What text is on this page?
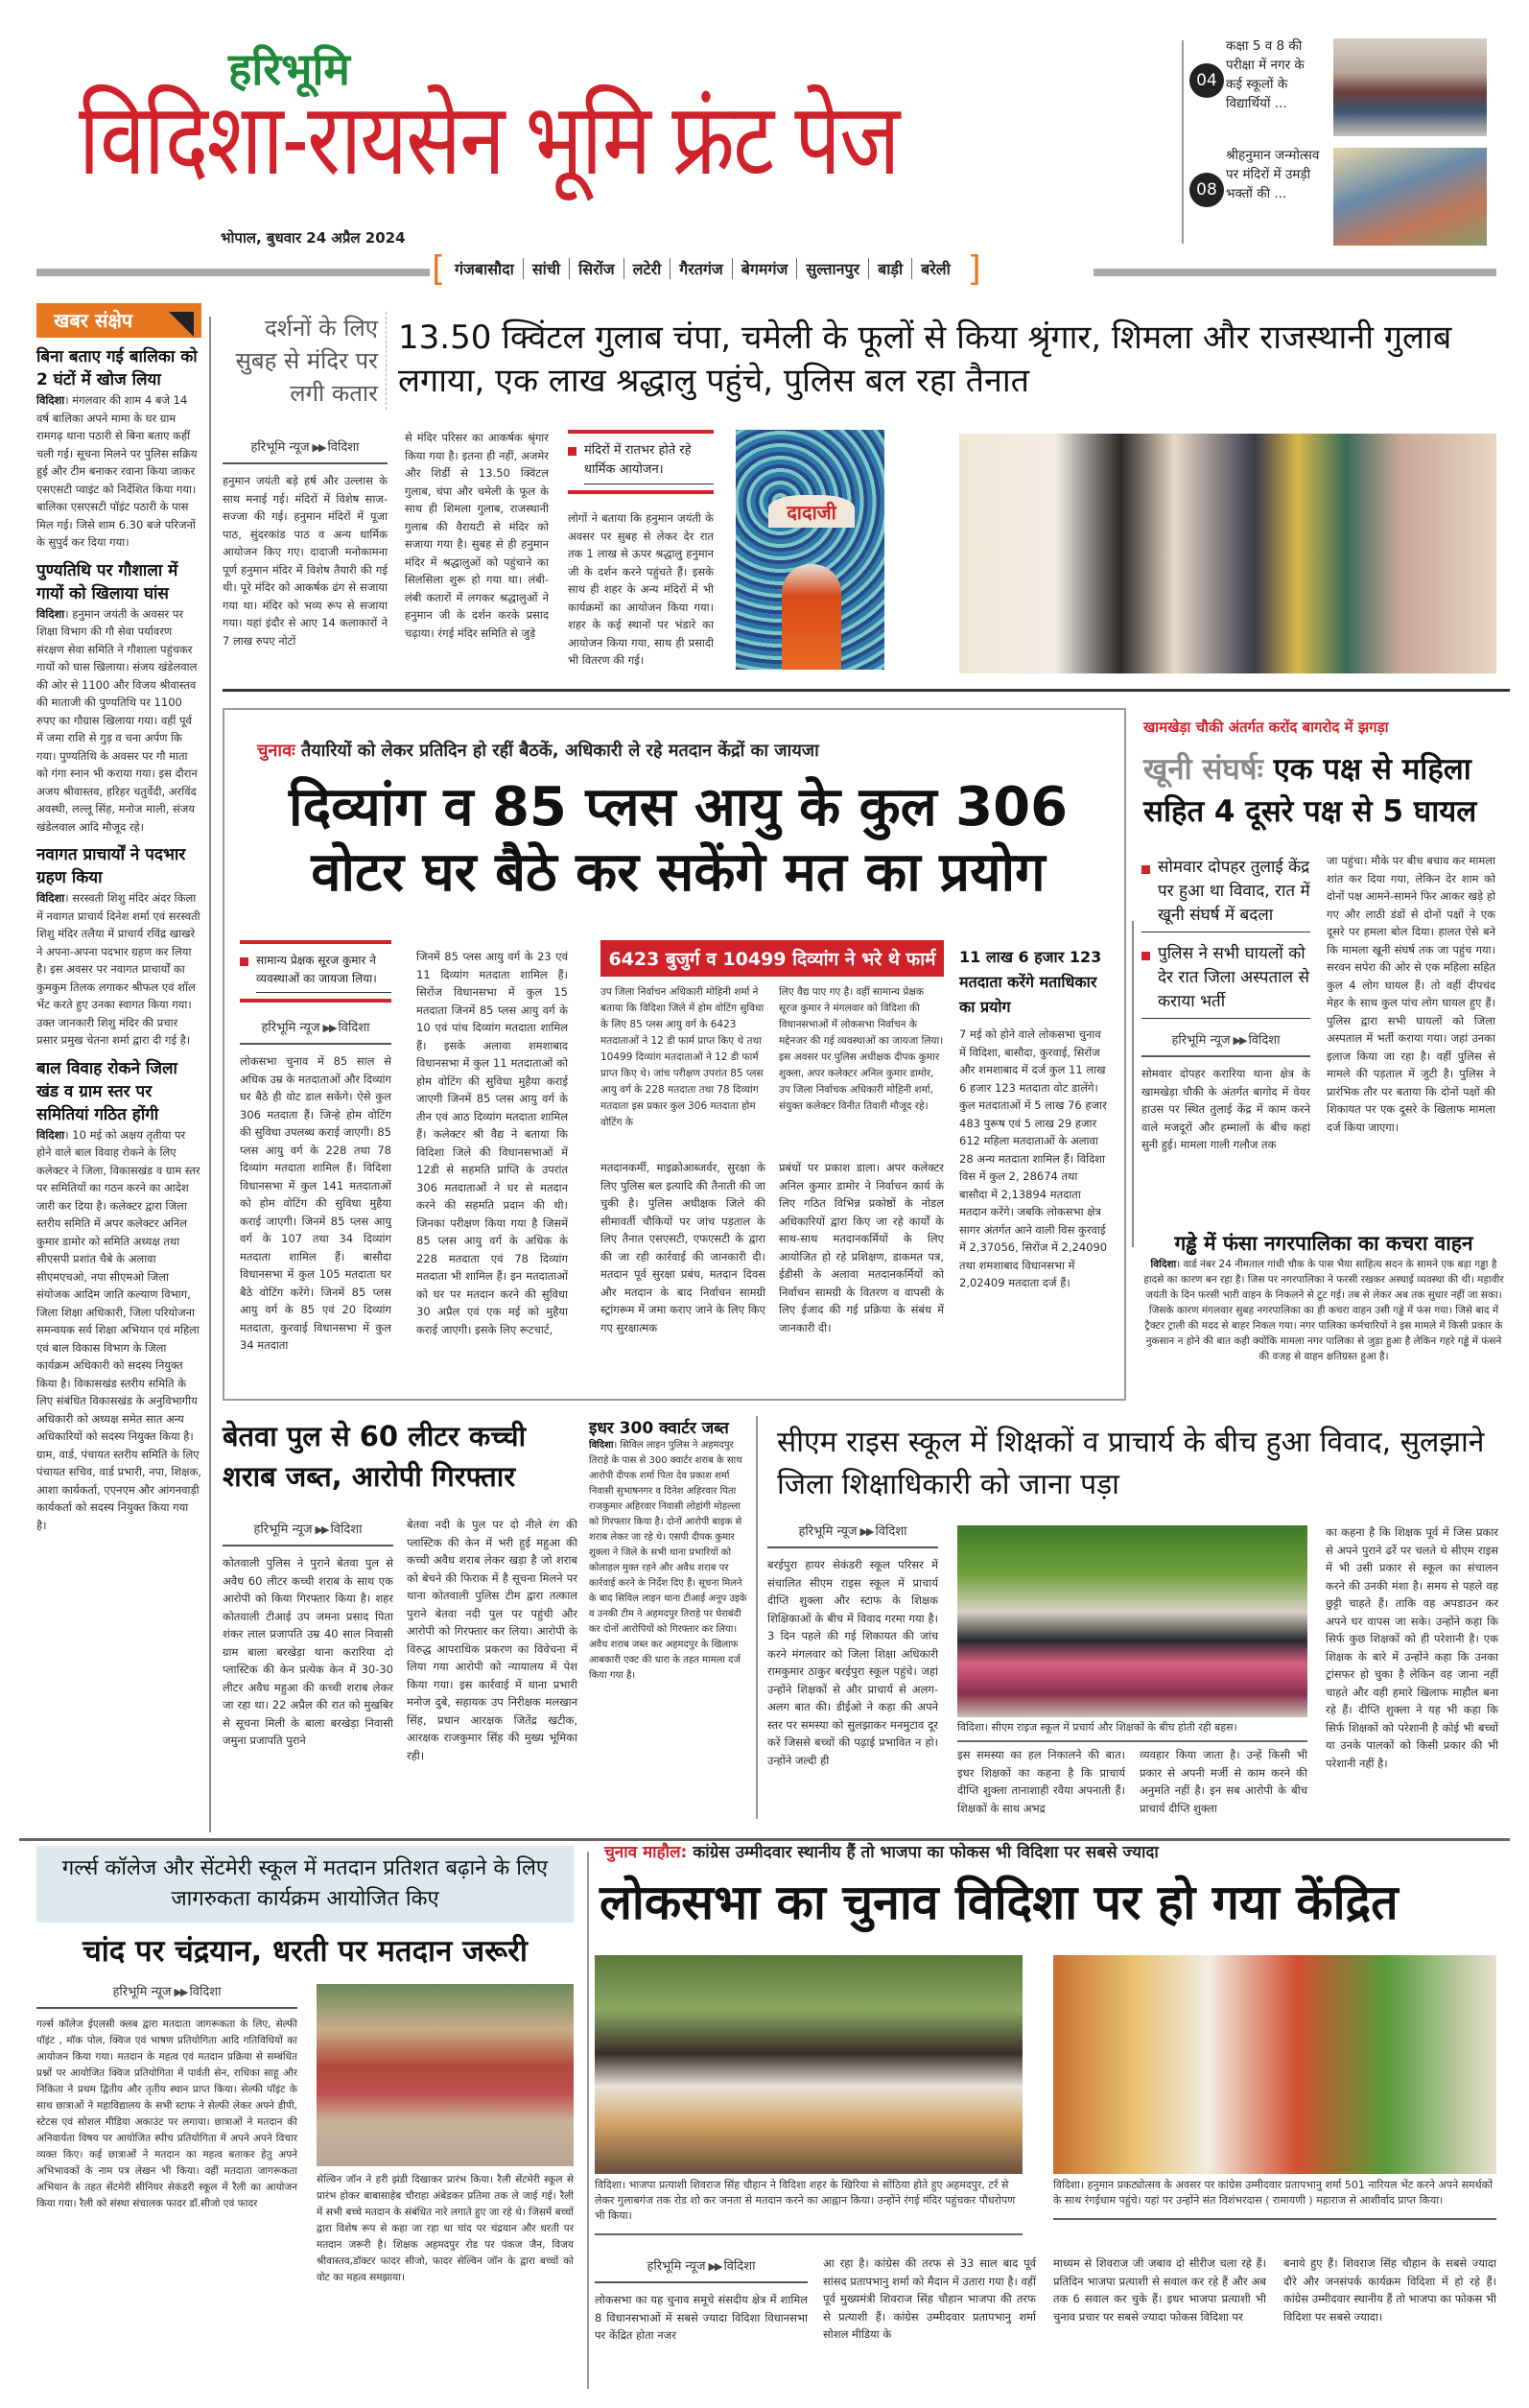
हरिभूमि
विदिशा-रायसेन भूमि फ्रंट पेज
भोपाल, बुधवार 24 अप्रैल 2024
[ गंजबासौदा सांची सिरोंज लटेरी गैरतगंज बेगमगंज सुल्तानपुर बाड़ी बरेली ]
04
कक्षा 5 व 8 की परीक्षा में नगर के कई स्कूलों के विद्यार्थियों ...
08
श्रीहनुमान जन्मोत्सव पर मंदिरों में उमड़ी भक्तों की ...
खबर संक्षेप
बिना बताए गई बालिका को 2 घंटों में खोज लिया
विदिशा। मंगलवार की शाम 4 बजे 14 वर्ष बालिका अपने मामा के घर ग्राम रामगढ़ थाना पठारी से बिना बताए कहीं चली गई। सूचना मिलने पर पुलिस सक्रिय हुई और टीम बनाकर रवाना किया जाकर एसएसटी प्वाइंट को निर्देशित किया गया। बालिका एसएसटी पॉइंट पठारी के पास मिल गई। जिसे शाम 6.30 बजे परिजनों के सुपुर्द कर दिया गया।
पुण्यतिथि पर गौशाला में गायों को खिलाया घांस
विदिशा। हनुमान जयंती के अवसर पर शिक्षा विभाग की गौ सेवा पर्यावरण संरक्षण सेवा समिति ने गौशाला पहुंचकर गायों को घास खिलाया। संजय खंडेलवाल की ओर से 1100 और विजय श्रीवास्तव की माताजी की पुण्यतिथि पर 1100 रुपए का गौग्रास खिलाया गया। वहीं पूर्व में जमा राशि से गुड़ व चना अर्पण कि गया। पुण्यतिथि के अवसर पर गौ माता को गंगा स्नान भी कराया गया। इस दौरान अजय श्रीवास्तव, हरिहर चतुर्वेदी, अरविंद अवस्थी, लल्लू सिंह, मनोज माली, संजय खंडेलवाल आदि मौजूद रहे।
नवागत प्राचार्यों ने पदभार ग्रहण किया
विदिशा। सरस्वती शिशु मंदिर अंदर किला में नवागत प्राचार्य दिनेश शर्मा एवं सरस्वती शिशु मंदिर तलैया में प्राचार्य रविंद्र खाखरे ने अपना-अपना पदभार ग्रहण कर लिया है। इस अवसर पर नवागत प्राचार्यों का कुमकुम तिलक लगाकर श्रीफल एवं शॉल भेंट करते हुए उनका स्वागत किया गया। उक्त जानकारी शिशु मंदिर की प्रचार प्रसार प्रमुख चेतना शर्मा द्वारा दी गई है।
बाल विवाह रोकने जिला खंड व ग्राम स्तर पर समितियां गठित होंगी
विदिशा। 10 मई को अक्षय तृतीया पर होने वाले बाल विवाह रोकने के लिए कलेक्टर ने जिला, विकासखंड व ग्राम स्तर पर समितियों का गठन करने का आदेश जारी कर दिया है। कलेक्टर द्वारा जिला स्तरीय समिति में अपर कलेक्टर अनिल कुमार डामोर को समिति अध्यक्ष तथा सीएसपी प्रशांत चैबे के अलावा सीएमएचओ, नपा सीएमओ जिला संयोजक आदिम जाति कल्याण विभाग, जिला शिक्षा अधिकारी, जिला परियोजना समन्वयक सर्व शिक्षा अभियान एवं महिला एवं बाल विकास विभाग के जिला कार्यक्रम अधिकारी को सदस्य नियुक्त किया है। विकासखंड स्तरीय समिति के लिए संबंधित विकासखंड के अनुविभागीय अधिकारी को अध्यक्ष समेत सात अन्य अधिकारियों को सदस्य नियुक्त किया है। ग्राम, वार्ड, पंचायत स्तरीय समिति के लिए पंचायत सचिव, वार्ड प्रभारी, नपा, शिक्षक, आशा कार्यकर्ता, एएनएम और आंगनवाड़ी कार्यकर्ता को सदस्य नियुक्त किया गया है।
दर्शनों के लिए सुबह से मंदिर पर लगी कतार
13.50 क्विंटल गुलाब चंपा, चमेली के फूलों से किया श्रृंगार, शिमला और राजस्थानी गुलाब लगाया, एक लाख श्रद्धालु पहुंचे, पुलिस बल रहा तैनात
हरिभूमि न्यूज ▶▶ विदिशा
हनुमान जयंती बड़े हर्ष और उल्लास के साथ मनाई गई। मंदिरों में विशेष साज-सज्जा की गई। हनुमान मंदिरों में पूजा पाठ, सुंदरकांड पाठ व अन्य धार्मिक आयोजन किए गए। दादाजी मनोकामना पूर्ण हनुमान मंदिर में विशेष तैयारी की गई थी। पूरे मंदिर को आकर्षक ढंग से सजाया गया था। मंदिर को भव्य रूप से सजाया गया। यहां इंदौर से आए 14 कलाकारों ने 7 लाख रुपए नोटों
से मंदिर परिसर का आकर्षक श्रृंगार किया गया है। इतना ही नहीं, अजमेर और शिर्डी से 13.50 क्विंटल गुलाब, चंपा और चमेली के फूल के साथ ही शिमला गुलाब, राजस्थानी गुलाब की वैरायटी से मंदिर को सजाया गया है। सुबह से ही हनुमान मंदिर में श्रद्धालुओं को पहुंचाने का सिलसिला शुरू हो गया था। लंबी-लंबी कतारों में लगकर श्रद्धालुओं ने हनुमान जी के दर्शन करके प्रसाद चढ़ाया। रंगई मंदिर समिति से जुड़े
मंदिरों में रातभर होते रहे धार्मिक आयोजन।
लोगों ने बताया कि हनुमान जयंती के अवसर पर सुबह से लेकर देर रात तक 1 लाख से ऊपर श्रद्धालु हनुमान जी के दर्शन करने पहुंचते हैं। इसके साथ ही शहर के अन्य मंदिरों में भी कार्यक्रमों का आयोजन किया गया। शहर के कई स्थानों पर भंडारे का आयोजन किया गया, साथ ही प्रसादी भी वितरण की गई।
दादाजी
चुनावः तैयारियों को लेकर प्रतिदिन हो रहीं बैठकें, अधिकारी ले रहे मतदान केंद्रों का जायजा
दिव्यांग व 85 प्लस आयु के कुल 306 वोटर घर बैठे कर सकेंगे मत का प्रयोग
सामान्य प्रेक्षक सूरज कुमार ने व्यवस्थाओं का जायजा लिया।
हरिभूमि न्यूज ▶▶ विदिशा
लोकसभा चुनाव में 85 साल से अधिक उम्र के मतदाताओं और दिव्यांग घर बैठे ही वोट डाल सकेंगे। ऐसे कुल 306 मतदाता हैं। जिन्हे होम वोटिंग की सुविधा उपलब्ध कराई जाएगी। 85 प्लस आयु वर्ग के 228 तथा 78 दिव्यांग मतदाता शामिल हैं। विदिशा विधानसभा में कुल 141 मतदाताओं को होम वोटिंग की सुविधा मुहैया कराई जाएगी। जिनमें 85 प्लस आयु वर्ग के 107 तथा 34 दिव्यांग मतदाता शामिल हैं। बासौदा विधानसभा में कुल 105 मतदाता घर बैठे वोटिंग करेंगे। जिनमें 85 प्लस आयु वर्ग के 85 एवं 20 दिव्यांग मतदाता, कुरवाई विधानसभा में कुल 34 मतदाता
जिनमें 85 प्लस आयु वर्ग के 23 एवं 11 दिव्यांग मतदाता शामिल हैं। सिरोंज विधानसभा में कुल 15 मतदाता जिनमें 85 प्लस आयु वर्ग के 10 एवं पांच दिव्यांग मतदाता शामिल हैं। इसके अलावा शमशाबाद विधानसभा में कुल 11 मतदाताओं को होम वोटिंग की सुविधा मुहैया कराई जाएगी जिनमें 85 प्लस आयु वर्ग के तीन एवं आठ दिव्यांग मतदाता शामिल हैं। कलेक्टर श्री वैद्य ने बताया कि विदिशा जिले की विधानसभाओं में 12डी से सहमति प्राप्ति के उपरांत 306 मतदाताओं ने घर से मतदान करने की सहमति प्रदान की थी। जिनका परीक्षण किया गया है जिसमें 85 प्लस आयु वर्ग के अधिक के 228 मतदाता एवं 78 दिव्यांग मतदाता भी शामिल हैं। इन मतदाताओं को घर पर मतदान करने की सुविधा 30 अप्रैल एवं एक मई को मुहैया कराई जाएगी। इसके लिए रूटचार्ट,
6423 बुजुर्ग व 10499 दिव्यांग ने भरे थे फार्म
उप जिला निर्वाचन अधिकारी मोहिनी शर्मा ने बताया कि विदिशा जिले में होम वोटिंग सुविधा के लिए 85 प्लस आयु वर्ग के 6423 मतदाताओं ने 12 डी फार्म प्राप्त किए थे तथा 10499 दिव्यांग मतदाताओं ने 12 डी फार्म प्राप्त किए थे। जांच परीक्षण उपरांत 85 प्लस आयु वर्ग के 228 मतदाता तथा 78 दिव्यांग मतदाता इस प्रकार कुल 306 मतदाता होम वोटिंग के
लिए वैद्य पाए गए है। वहीं सामान्य प्रेक्षक सूरज कुमार ने मंगलवार को विदिशा की विधानसभाओं में लोकसभा निर्वाचन के मद्देनजर की गई व्यवस्थाओं का जायजा लिया। इस अवसर पर पुलिस अधीक्षक दीपक कुमार शुक्ला, अपर कलेक्टर अनिल कुमार डामोर, उप जिला निर्वाचक अधिकारी मोहिनी शर्मा, संयुक्त कलेक्टर विनीत तिवारी मौजूद रहे।
मतदानकर्मी, माइक्रोआब्जर्वर, सुरक्षा के लिए पुलिस बल इत्यादि की तैनाती की जा चुकी है। पुलिस अधीक्षक जिले की सीमावर्ती चौकियों पर जांच पड़ताल के लिए तैनात एसएसटी, एफएसटी के द्वारा की जा रही कार्रवाई की जानकारी दी। मतदान पूर्व सुरक्षा प्रबंध, मतदान दिवस और मतदान के बाद निर्वाचन सामग्री स्ट्रांगरूम में जमा कराए जाने के लिए किए गए सुरक्षात्मक
प्रबंधों पर प्रकाश डाला। अपर कलेक्टर अनिल कुमार डामोर ने निर्वाचन कार्य के लिए गठित विभिन्न प्रकोष्ठों के नोडल अधिकारियों द्वारा किए जा रहे कार्यों के साथ-साथ मतदानकर्मियों के लिए आयोजित हो रहे प्रशिक्षण, डाकमत पत्र, ईडीसी के अलावा मतदानकर्मियों को निर्वाचन सामग्री के वितरण व वापसी के लिए ईजाद की गई प्रक्रिया के संबंध में जानकारी दी।
11 लाख 6 हजार 123 मतदाता करेंगे मताधिकार का प्रयोग
7 मई को होने वाले लोकसभा चुनाव में विदिशा, बासौदा, कुरवाई, सिरोंज और शमशाबाद में दर्ज कुल 11 लाख 6 हजार 123 मतदाता वोट डालेंगे। कुल मतदाताओं में 5 लाख 76 हजार 483 पुरूष एवं 5 लाख 29 हजार 612 महिला मतदाताओं के अलावा 28 अन्य मतदाता शामिल हैं। विदिशा विस में कुल 2, 28674 तथा बासौदा में 2,13894 मतदाता मतदान करेंगे। जबकि लोकसभा क्षेत्र सागर अंतर्गत आने वाली विस कुरवाई में 2,37056, सिरोंज में 2,24090 तथा शमशाबाद विधानसभा में 2,02409 मतदाता दर्ज हैं।
खामखेड़ा चौकी अंतर्गत करोंद बागरोद में झगड़ा
खूनी संघर्षः एक पक्ष से महिला सहित 4 दूसरे पक्ष से 5 घायल
सोमवार दोपहर तुलाई केंद्र पर हुआ था विवाद, रात में खूनी संघर्ष में बदला
पुलिस ने सभी घायलों को देर रात जिला अस्पताल से कराया भर्ती
हरिभूमि न्यूज ▶▶ विदिशा
सोमवार दोपहर करारिया थाना क्षेत्र के खामखेड़ा चौकी के अंतर्गत बागोद में वेयर हाउस पर स्थित तुलाई केंद्र में काम करने वाले मजदूरों और हम्मालों के बीच कहां सुनी हुई। मामला गाली गलौज तक
जा पहुंचा। मौके पर बीच बचाव कर मामला शांत कर दिया गया, लेकिन देर शाम को दोनों पक्ष आमने-सामने फिर आकर खड़े हो गए और लाठी डंडों से दोनों पक्षों ने एक दूसरे पर हमला बोल दिया। हालत ऐसे बने कि मामला खूनी संघर्ष तक जा पहुंच गया। सरवन सपेरा की ओर से एक महिला सहित कुल 4 लोग घायल हैं। तो वहीं दीपचंद मेहर के साथ कुल पांच लोग घायल हुए हैं। पुलिस द्वारा सभी घायलों को जिला अस्पताल में भर्ती कराया गया। जहां उनका इलाज किया जा रहा है। वहीं पुलिस से मामले की पड़ताल में जुटी है। पुलिस ने प्रारंभिक तौर पर बताया कि दोनों पक्षों की शिकायत पर एक दूसरे के खिलाफ मामला दर्ज किया जाएगा।
गड्ढे में फंसा नगरपालिका का कचरा वाहन
विदिशा। वार्ड नंबर 24 नीमताल गांधी चौक के पास भैया साहित्य सदन के सामने एक बड़ा गड्ढा है हादसे का कारण बन रहा है। जिस पर नगरपालिका ने फरसी रखकर अस्थाई व्यवस्था की थी। महावीर जयंती के दिन फरसी भारी वाहन के निकलने से टूट गई। तब से लेकर अब तक सुधार नहीं जा सका। जिसके कारण मंगलवार सुबह नगरपालिका का ही कचरा वाहन उसी गड्ढे में फंस गया। जिसे बाद में ट्रैक्टर ट्राली की मदद से बाहर निकल गया। नगर पालिका कर्मचारियों ने इस मामले में किसी प्रकार के नुकसान न होने की बात कही क्योंकि मामला नगर पालिका से जुड़ा हुआ है लेकिन गहरे गड्ढे में फंसने की वजह से वाहन क्षतिग्रस्त हुआ है।
बेतवा पुल से 60 लीटर कच्ची शराब जब्त, आरोपी गिरफ्तार
हरिभूमि न्यूज ▶▶ विदिशा
कोतवाली पुलिस ने पुराने बेतवा पुल से अवैध 60 लीटर कच्ची शराब के साथ एक आरोपी को किया गिरफ्तार किया है। शहर कोतवाली टीआई उप जमना प्रसाद पिता शंकर लाल प्रजापति उम्र 40 साल निवासी ग्राम बाला बरखेड़ा थाना करारिया दो प्लास्टिक की केन प्रत्येक केन में 30-30 लीटर अवैध महुआ की कच्ची शराब लेकर जा रहा था। 22 अप्रैल की रात को मुखबिर से सूचना मिली के बाला बरखेड़ा निवासी जमुना प्रजापति पुराने
बेतवा नदी के पुल पर दो नीले रंग की प्लास्टिक की केन में भरी हुई महुआ की कच्ची अवैध शराब लेकर खड़ा है जो शराब को बेचने की फिराक में है सूचना मिलने पर थाना कोतवाली पुलिस टीम द्वारा तत्काल पुराने बेतवा नदी पुल पर पहुंची और आरोपी को गिरफ्तार कर लिया। आरोपी के विरुद्ध आपराधिक प्रकरण का विवेचना में लिया गया आरोपी को न्यायालय में पेश किया गया। इस कार्रवाई में थाना प्रभारी मनोज दुबे, सहायक उप निरीक्षक मलखान सिंह, प्रधान आरक्षक जितेंद्र खटीक, आरक्षक राजकुमार सिंह की मुख्य भूमिका रही।
इधर 300 क्वार्टर जब्त
विदिशा। सिविल लाइन पुलिस ने अहमदपुर तिराहे के पास से 300 क्वार्टर शराब के साथ आरोपी दीपक शर्मा पिता देव प्रकाश शर्मा निवासी सुभाषनगर व दिनेश अहिरवार पिता राजकुमार अहिरवार निवासी लोहांगी मोहल्ला को गिरफ्तार किया है। दोनों आरोपी बाइक से शराब लेकर जा रहे थे। एसपी दीपक कुमार शुक्ला ने जिले के सभी थाना प्रभारियों को कोलाहल मुक्त रहने और अवैध शराब पर कार्रवाई करने के निर्देश दिए हैं। सूचना मिलने के बाद सिविल लाइन थाना टीआई अनूप उइके व उनकी टीम ने अहमदपुर तिराहे पर घेराबंदी कर दोनों आरोपियों को गिरफ्तार कर लिया। अवैध शराब जब्त कर अहमदपुर के खिलाफ आबकारी एक्ट की धारा के तहत मामला दर्ज किया गया है।
सीएम राइस स्कूल में शिक्षकों व प्राचार्य के बीच हुआ विवाद, सुलझाने जिला शिक्षाधिकारी को जाना पड़ा
हरिभूमि न्यूज ▶▶ विदिशा
बरईपुरा हायर सेकंडरी स्कूल परिसर में संचालित सीएम राइस स्कूल में प्राचार्य दीप्ति शुक्ला और स्टाफ के शिक्षक शिक्षिकाओं के बीच में विवाद गरमा गया है। 3 दिन पहले की गई शिकायत की जांच करने मंगलवार को जिला शिक्षा अधिकारी रामकुमार ठाकुर बरईपुरा स्कूल पहुंचे। जहां उन्होंने शिक्षकों से और प्राचार्य से अलग-अलग बात की। डीईओ ने कहा की अपने स्तर पर समस्या को सुलझाकर मनमुटाव दूर करें जिससे बच्चों की पढ़ाई प्रभावित न हो। उन्होंने जल्दी ही
विदिशा। सीएम राइज स्कूल में प्रचार्य और शिक्षकों के बीच होती रही बहस।
इस समस्या का हल निकालने की बात। इधर शिक्षकों का कहना है कि प्राचार्य दीप्ति शुक्ला तानाशाही रवैया अपनाती हैं। शिक्षकों के साथ अभद्र
व्यवहार किया जाता है। उन्हें किसी भी प्रकार से अपनी मर्जी से काम करने की अनुमति नहीं है। इन सब आरोपी के बीच प्राचार्य दीप्ति शुक्ला
का कहना है कि शिक्षक पूर्व में जिस प्रकार से अपने पुराने ढर्रे पर चलते थे सीएम राइस में भी उसी प्रकार से स्कूल का संचालन करने की उनकी मंशा है। समय से पहले वह छुट्टी चाहते हैं। ताकि वह अपडाउन कर अपने घर वापस जा सके। उन्होंने कहा कि सिर्फ कुछ शिक्षकों को ही परेशानी है। एक शिक्षक के बारे में उन्होंने कहा कि उनका ट्रांसफर हो चुका है लेकिन वह जाना नहीं चाहते और वही हमारे खिलाफ माहौल बना रहे हैं। दीप्ति शुक्ला ने यह भी कहा कि सिर्फ शिक्षकों को परेशानी है कोई भी बच्चों या उनके पालकों को किसी प्रकार की भी परेशानी नहीं है।
गर्ल्स कॉलेज और सेंटमेरी स्कूल में मतदान प्रतिशत बढ़ाने के लिए जागरुकता कार्यक्रम आयोजित किए
चांद पर चंद्रयान, धरती पर मतदान जरूरी
हरिभूमि न्यूज ▶▶ विदिशा
गर्ल्स कॉलेज ईएलसी क्लब द्वारा मतदाता जागरूकता के लिए, सेल्फी पॉइंट , मॉक पोल, क्विज एवं भाषण प्रतियोगिता आदि गतिविधियों का आयोजन किया गया। मतदान के महत्व एवं मतदान प्रक्रिया से सम्बंधित प्रश्नों पर आयोजित क्विज प्रतियोगिता में पार्वती सेन, राधिका साहू और निकिता ने प्रथम द्वितीय और तृतीय स्थान प्राप्त किया। सेल्फी पॉइंट के साथ छात्राओं ने महाविद्यालय के सभी स्टाफ ने सेल्फी लेकर अपने डीपी, स्टेटस एवं सोशल मीडिया अकाउंट पर लगाया। छात्राओं ने मतदान की अनिवार्यता विषय पर आयोजित स्पीच प्रतियोगिता में अपने अपने विचार व्यक्त किए। कई छात्राओं ने मतदान का महत्व बताकर हेतु अपने अभिभावकों के नाम पत्र लेखन भी किया। वहीं मतदाता जागरूकता अभियान के तहत सेंटमेरी सीनियर सेकंडरी स्कूल में रैली का आयोजन किया गया। रैली को संस्था संचालक फादर डॉ.सीजो एवं फादर
सेल्विन जॉन ने हरी झंडी दिखाकर प्रारंभ किया। रैली सेंटमेरी स्कूल से प्रारंभ होकर बाबासाहेब चौराहा अंबेडकर प्रतिमा तक ले जाई गई। रैली में सभी बच्चे मतदान के संबंधित नारे लगाते हुए जा रहे थे। जिसमें बच्चों द्वारा विशेष रूप से कहा जा रहा था चांद पर चंद्रयान और धरती पर मतदान जरूरी है। शिक्षक अहमदपुर रोड पर पंकज जैन, विजय श्रीवास्तव,डॉक्टर फादर सीजो, फादर सेल्विन जॉन के द्वारा बच्चों को वोट का महत्व समझाया।
चुनाव माहौल: कांग्रेस उम्मीदवार स्थानीय हैं तो भाजपा का फोकस भी विदिशा पर सबसे ज्यादा
लोकसभा का चुनाव विदिशा पर हो गया केंद्रित
विदिशा। भाजपा प्रत्याशी शिवराज सिंह चौहान ने विदिशा शहर के खिरिया से सोंठिया होते हुए अहमदपुर, टर्र से लेकर गुलाबगंज तक रोड शो कर जनता से मतदान करने का आह्वान किया। उन्होंने रंगई मंदिर पहुंचकर पौधरोपण भी किया।
विदिशा। हनुमान प्रकट्योत्सव के अवसर पर कांग्रेस उम्मीदवार प्रतापभानु शर्मा 501 नारियल भेंट करने अपने समर्थकों के साथ रंगईधाम पहुंचे। यहां पर उन्होंने संत विशंभरदास ( रामायणी ) महाराज से आशीर्वाद प्राप्त किया।
हरिभूमि न्यूज ▶▶ विदिशा
लोकसभा का यह चुनाव समूचे संसदीय क्षेत्र में शामिल 8 विधानसभाओं में सबसे ज्यादा विदिशा विधानसभा पर केंद्रित होता नजर
आ रहा है। कांग्रेस की तरफ से 33 साल बाद पूर्व सांसद प्रतापभानु शर्मा को मैदान में उतारा गया है। वहीं पूर्व मुख्यमंत्री शिवराज सिंह चौहान भाजपा की तरफ से प्रत्याशी हैं। कांग्रेस उम्मीदवार प्रतापभानु शर्मा सोशल मीडिया के
माध्यम से शिवराज जी जबाव दो सीरीज चला रहे हैं। प्रतिदिन भाजपा प्रत्याशी से सवाल कर रहे हैं और अब तक 6 सवाल कर चुके हैं। इधर भाजपा प्रत्याशी भी चुनाव प्रचार पर सबसे ज्यादा फोकस विदिशा पर
बनाये हुए हैं। शिवराज सिंह चौहान के सबसे ज्यादा दौरे और जनसंपर्क कार्यक्रम विदिशा में हो रहे हैं। कांग्रेस उम्मीदवार स्थानीय हैं तो भाजपा का फोकस भी विदिशा पर सबसे ज्यादा।
